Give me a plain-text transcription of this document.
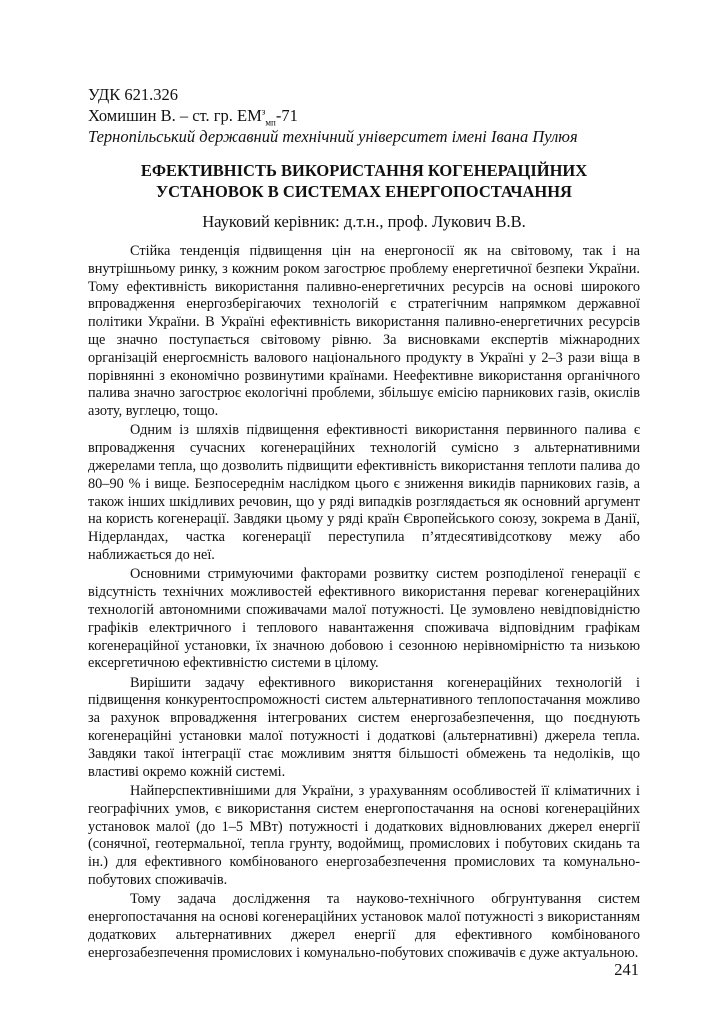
УДК 621.326
Хомишин В. – ст. гр. $ЕМ^з_{мп}-71$
Тернопільський державний технічний університет імені Івана Пулюя
ЕФЕКТИВНІСТЬ ВИКОРИСТАННЯ КОГЕНЕРАЦІЙНИХ
УСТАНОВОК В СИСТЕМАХ ЕНЕРГОПОСТАЧАННЯ
Науковий керівник: д.т.н., проф. Лукович В.В.

Стійка тенденція підвищення цін на енергоносії як на світовому, так і на внутрішньому ринку, з кожним роком загострює проблему енергетичної безпеки України. Тому ефективність використання паливно-енергетичних ресурсів на основі широкого впровадження енергозберігаючих технологій є стратегічним напрямком державної політики України. В Україні ефективність використання паливно-енергетичних ресурсів ще значно поступається світовому рівню. За висновками експертів міжнародних організацій енергоємність валового національного продукту в Україні у 2–3 рази віща в порівнянні з економічно розвинутими країнами. Неефективне використання органічного палива значно загострює екологічні проблеми, збільшує емісію парникових газів, окислів азоту, вуглецю, тощо.

Одним із шляхів підвищення ефективності використання первинного палива є впровадження сучасних когенераційних технологій сумісно з альтернативними джерелами тепла, що дозволить підвищити ефективність використання теплоти палива до 80–90 % і вище. Безпосереднім наслідком цього є зниження викидів парникових газів, а також інших шкідливих речовин, що у ряді випадків розглядається як основний аргумент на користь когенерації. Завдяки цьому у ряді країн Європейського союзу, зокрема в Данії, Нідерландах, частка когенерації переступила п’ятдесятивідсоткову межу або наближається до неї.

Основними стримуючими факторами розвитку систем розподіленої генерації є відсутність технічних можливостей ефективного використання переваг когенераційних технологій автономними споживачами малої потужності. Це зумовлено невідповідністю графіків електричного і теплового навантаження споживача відповідним графікам когенераційної установки, їх значною добовою і сезонною нерівномірністю та низькою ексергетичною ефективністю системи в цілому.

Вирішити задачу ефективного використання когенераційних технологій і підвищення конкурентоспроможності систем альтернативного теплопостачання можливо за рахунок впровадження інтегрованих систем енергозабезпечення, що поєднують когенераційні установки малої потужності і додаткові (альтернативні) джерела тепла. Завдяки такої інтеграції стає можливим зняття більшості обмежень та недоліків, що властиві окремо кожній системі.

Найперспективнішими для України, з урахуванням особливостей її кліматичних і географічних умов, є використання систем енергопостачання на основі когенераційних установок малої (до 1–5 МВт) потужності і додаткових відновлюваних джерел енергії (сонячної, геотермальної, тепла грунту, водоймищ, промислових і побутових скидань та ін.) для ефективного комбінованого енергозабезпечення промислових та комунально-побутових споживачів.

Тому задача дослідження та науково-технічного обгрунтування систем енергопостачання на основі когенераційних установок малої потужності з використанням додаткових альтернативних джерел енергії для ефективного комбінованого енергозабезпечення промислових і комунально-побутових споживачів є дуже актуальною.

241
